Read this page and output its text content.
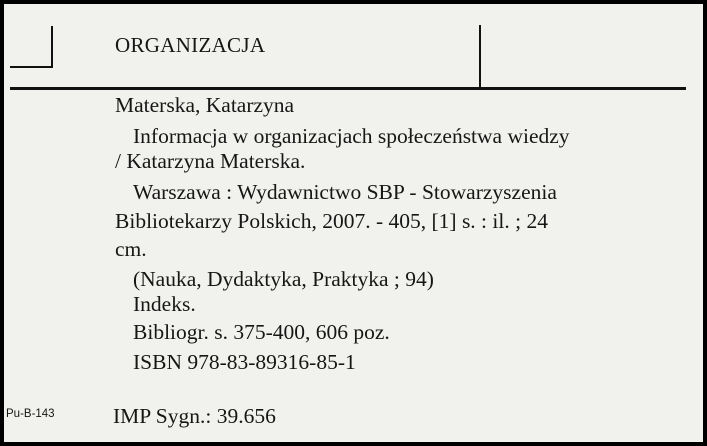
ORGANIZACJA
Materska, Katarzyna
Informacja w organizacjach społeczeństwa wiedzy
/ Katarzyna Materska.
Warszawa : Wydawnictwo SBP - Stowarzyszenia
Bibliotekarzy Polskich, 2007. - 405, [1] s. : il. ; 24
cm.
(Nauka, Dydaktyka, Praktyka ; 94)
Indeks.
Bibliogr. s. 375-400, 606 poz.
ISBN 978-83-89316-85-1
Pu-B-143	IMP Sygn.: 39.656
